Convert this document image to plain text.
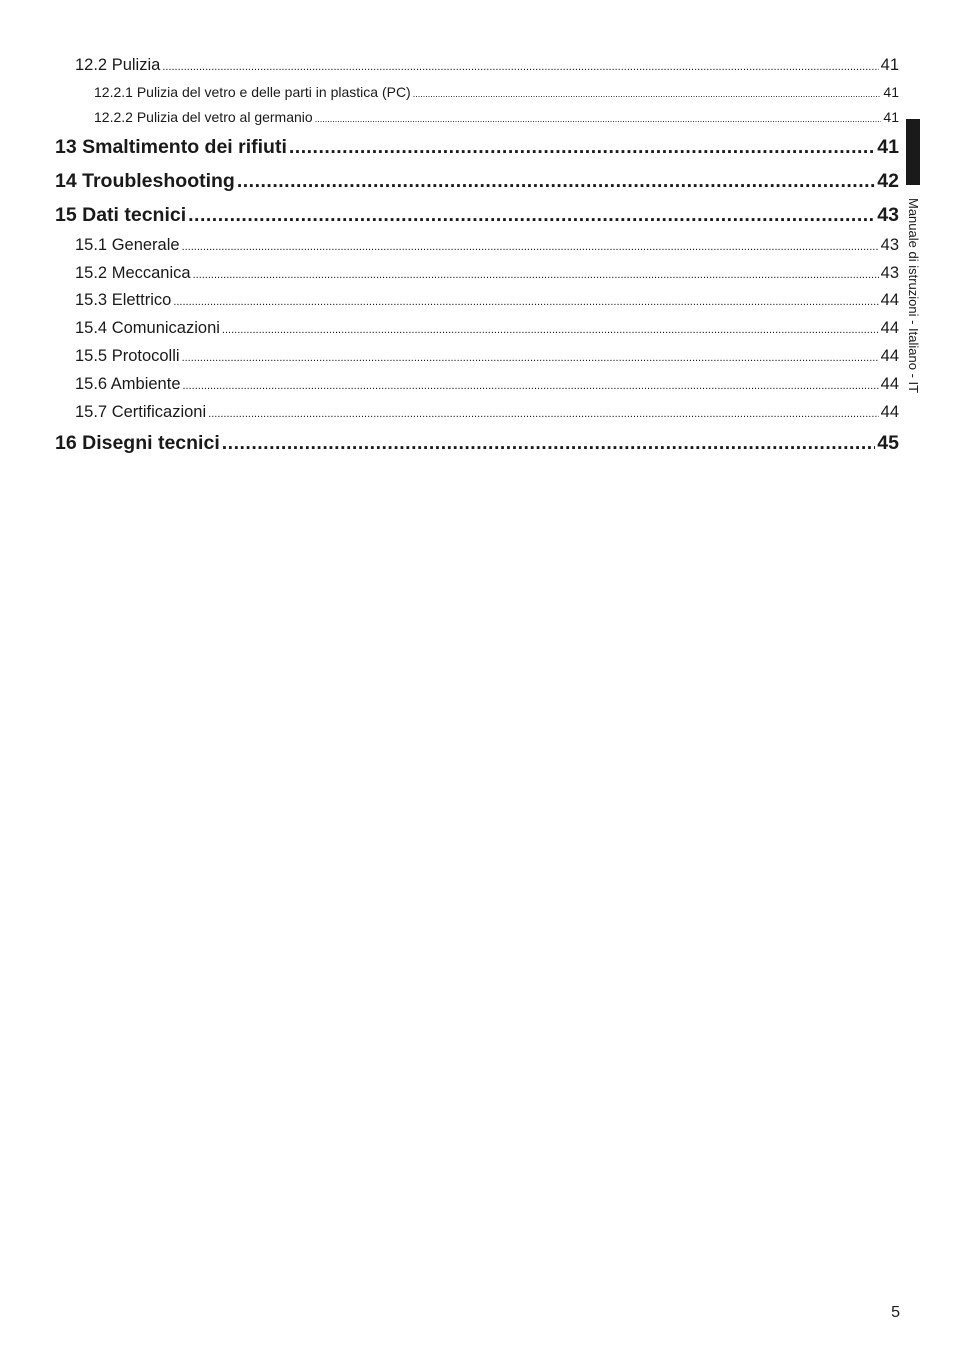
12.2 Pulizia .....	41
12.2.1 Pulizia del vetro e delle parti in plastica (PC) .....	41
12.2.2 Pulizia del vetro al germanio .....	41
13 Smaltimento dei rifiuti .....	41
14 Troubleshooting .....	42
15 Dati tecnici .....	43
15.1 Generale .....	43
15.2 Meccanica .....	43
15.3 Elettrico .....	44
15.4 Comunicazioni .....	44
15.5 Protocolli .....	44
15.6 Ambiente .....	44
15.7 Certificazioni .....	44
16 Disegni tecnici .....	45
Manuale di istruzioni - Italiano - IT
5
